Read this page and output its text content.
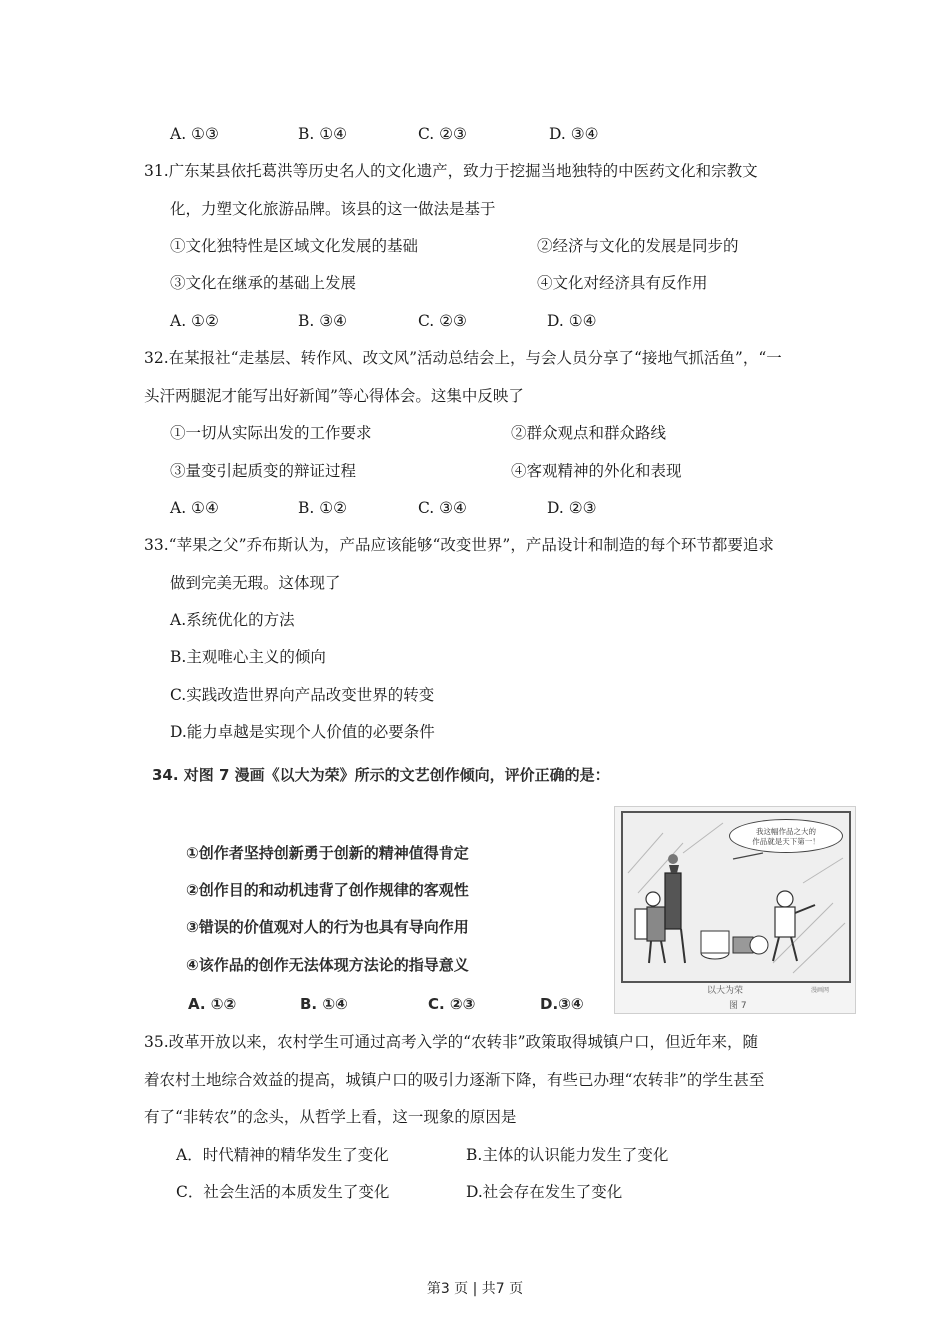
A. ①③	B. ①④	C. ②③	D. ③④
31.广东某县依托葛洪等历史名人的文化遗产，致力于挖掘当地独特的中医药文化和宗教文
化，力塑文化旅游品牌。该县的这一做法是基于
①文化独特性是区域文化发展的基础	②经济与文化的发展是同步的
③文化在继承的基础上发展	④文化对经济具有反作用
A. ①②	B. ③④	C. ②③	D. ①④
32.在某报社“走基层、转作风、改文风”活动总结会上，与会人员分享了“接地气抓活鱼”，“一
头汗两腿泥才能写出好新闻”等心得体会。这集中反映了
①一切从实际出发的工作要求	②群众观点和群众路线
③量变引起质变的辩证过程	④客观精神的外化和表现
A. ①④	B. ①②	C. ③④	D. ②③
33.“苹果之父”乔布斯认为，产品应该能够“改变世界”，产品设计和制造的每个环节都要追求
做到完美无瑕。这体现了
A.系统优化的方法
B.主观唯心主义的倾向
C.实践改造世界向产品改变世界的转变
D.能力卓越是实现个人价值的必要条件
34. 对图 7 漫画《以大为荣》所示的文艺创作倾向，评价正确的是：
①创作者坚持创新勇于创新的精神值得肯定
②创作目的和动机违背了创作规律的客观性
③错误的价值观对人的行为也具有导向作用
④该作品的创作无法体现方法论的指导意义
A. ①②	B. ①④	C. ②③	D.③④
我这幅作品之大的
作品就是天下第一！
以大为荣	漫画网
图 7
35.改革开放以来，农村学生可通过高考入学的“农转非”政策取得城镇户口，但近年来，随
着农村土地综合效益的提高，城镇户口的吸引力逐渐下降，有些已办理“农转非”的学生甚至
有了“非转农”的念头，从哲学上看，这一现象的原因是
A．时代精神的精华发生了变化	B.主体的认识能力发生了变化
C．社会生活的本质发生了变化	D.社会存在发生了变化
第3 页 | 共7 页
